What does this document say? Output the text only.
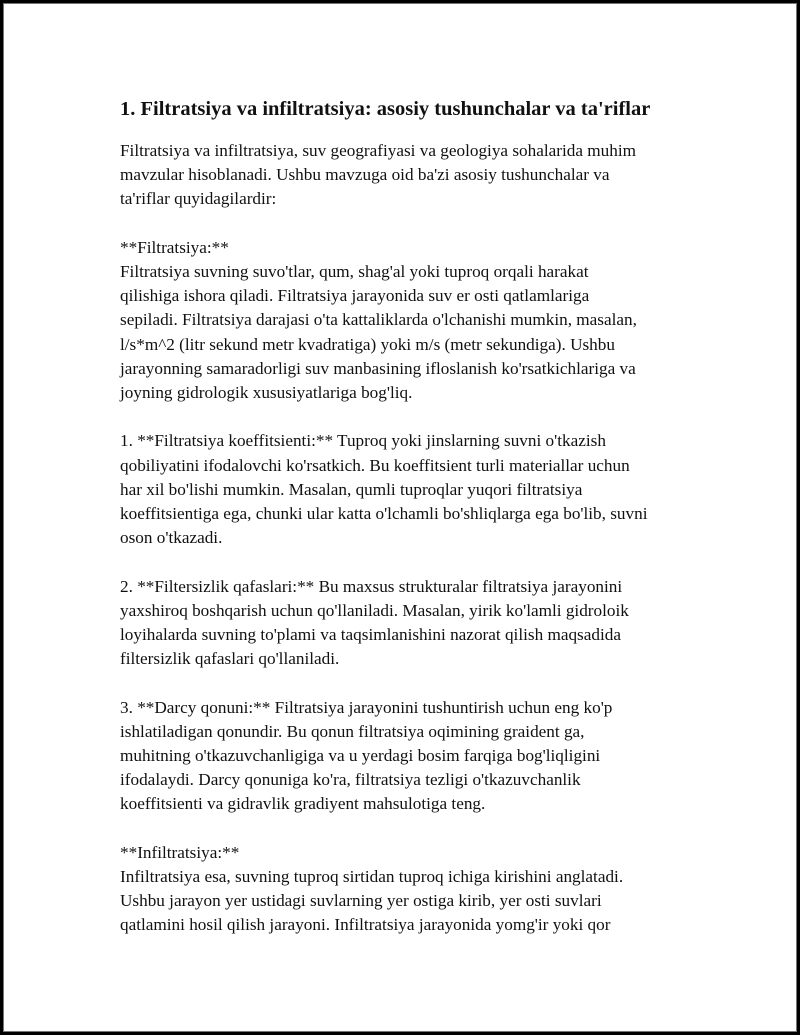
1. Filtratsiya va infiltratsiya: asosiy tushunchalar va ta'riflar

Filtratsiya va infiltratsiya, suv geografiyasi va geologiya sohalarida muhim
mavzular hisoblanadi. Ushbu mavzuga oid ba'zi asosiy tushunchalar va
ta'riflar quyidagilardir:

**Filtratsiya:**
Filtratsiya suvning suvo'tlar, qum, shag'al yoki tuproq orqali harakat
qilishiga ishora qiladi. Filtratsiya jarayonida suv er osti qatlamlariga
sepiladi. Filtratsiya darajasi o'ta kattaliklarda o'lchanishi mumkin, masalan,
l/s*m^2 (litr sekund metr kvadratiga) yoki m/s (metr sekundiga). Ushbu
jarayonning samaradorligi suv manbasining ifloslanish ko'rsatkichlariga va
joyning gidrologik xususiyatlariga bog'liq.

1. **Filtratsiya koeffitsienti:** Tuproq yoki jinslarning suvni o'tkazish
qobiliyatini ifodalovchi ko'rsatkich. Bu koeffitsient turli materiallar uchun
har xil bo'lishi mumkin. Masalan, qumli tuproqlar yuqori filtratsiya
koeffitsientiga ega, chunki ular katta o'lchamli bo'shliqlarga ega bo'lib, suvni
oson o'tkazadi.

2. **Filtersizlik qafaslari:** Bu maxsus strukturalar filtratsiya jarayonini
yaxshiroq boshqarish uchun qo'llaniladi. Masalan, yirik ko'lamli gidroloik
loyihalarda suvning to'plami va taqsimlanishini nazorat qilish maqsadida
filtersizlik qafaslari qo'llaniladi.

3. **Darcy qonuni:** Filtratsiya jarayonini tushuntirish uchun eng ko'p
ishlatiladigan qonundir. Bu qonun filtratsiya oqimining graident ga,
muhitning o'tkazuvchanligiga va u yerdagi bosim farqiga bog'liqligini
ifodalaydi. Darcy qonuniga ko'ra, filtratsiya tezligi o'tkazuvchanlik
koeffitsienti va gidravlik gradiyent mahsulotiga teng.

**Infiltratsiya:**
Infiltratsiya esa, suvning tuproq sirtidan tuproq ichiga kirishini anglatadi.
Ushbu jarayon yer ustidagi suvlarning yer ostiga kirib, yer osti suvlari
qatlamini hosil qilish jarayoni. Infiltratsiya jarayonida yomg'ir yoki qor
